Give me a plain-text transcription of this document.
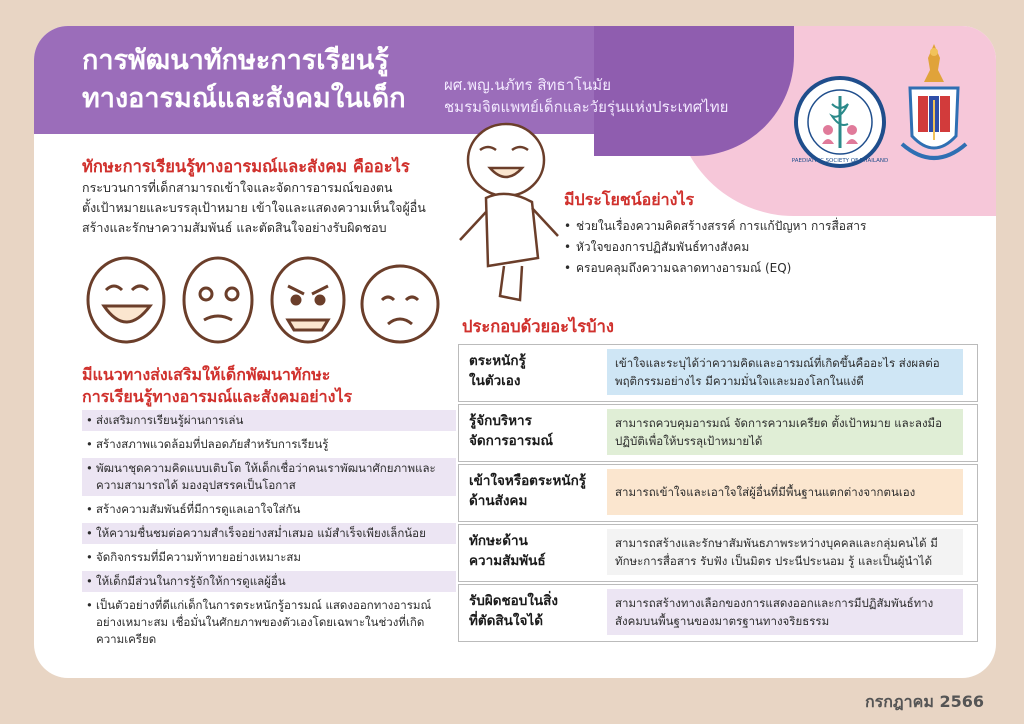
การพัฒนาทักษะการเรียนรู้
ทางอารมณ์และสังคมในเด็ก	ผศ.พญ.นภัทร สิทธาโนมัย
ชมรมจิตแพทย์เด็กและวัยรุ่นแห่งประเทศไทย
PAEDIATRIC SOCIETY OF THAILAND
ทักษะการเรียนรู้ทางอารมณ์และสังคม คืออะไร
กระบวนการที่เด็กสามารถเข้าใจและจัดการอารมณ์ของตน
ตั้งเป้าหมายและบรรลุเป้าหมาย เข้าใจและแสดงความเห็นใจผู้อื่น
สร้างและรักษาความสัมพันธ์ และตัดสินใจอย่างรับผิดชอบ
มีประโยชน์อย่างไร
• ช่วยในเรื่องความคิดสร้างสรรค์ การแก้ปัญหา การสื่อสาร
• หัวใจของการปฏิสัมพันธ์ทางสังคม
• ครอบคลุมถึงความฉลาดทางอารมณ์ (EQ)
มีแนวทางส่งเสริมให้เด็กพัฒนาทักษะ
การเรียนรู้ทางอารมณ์และสังคมอย่างไร
• ส่งเสริมการเรียนรู้ผ่านการเล่น
• สร้างสภาพแวดล้อมที่ปลอดภัยสำหรับการเรียนรู้
• พัฒนาชุดความคิดแบบเติบโต ให้เด็กเชื่อว่าคนเราพัฒนาศักยภาพและความสามารถได้ มองอุปสรรคเป็นโอกาส
• สร้างความสัมพันธ์ที่มีการดูแลเอาใจใส่กัน
• ให้ความชื่นชมต่อความสำเร็จอย่างสม่ำเสมอ แม้สำเร็จเพียงเล็กน้อย
• จัดกิจกรรมที่มีความท้าทายอย่างเหมาะสม
• ให้เด็กมีส่วนในการรู้จักให้การดูแลผู้อื่น
• เป็นตัวอย่างที่ดีแก่เด็กในการตระหนักรู้อารมณ์ แสดงออกทางอารมณ์อย่างเหมาะสม เชื่อมั่นในศักยภาพของตัวเองโดยเฉพาะในช่วงที่เกิดความเครียด
ประกอบด้วยอะไรบ้าง
ตระหนักรู้
ในตัวเอง
เข้าใจและระบุได้ว่าความคิดและอารมณ์ที่เกิดขึ้นคืออะไร ส่งผลต่อพฤติกรรมอย่างไร มีความมั่นใจและมองโลกในแง่ดี
รู้จักบริหาร
จัดการอารมณ์
สามารถควบคุมอารมณ์ จัดการความเครียด ตั้งเป้าหมาย และลงมือปฏิบัติเพื่อให้บรรลุเป้าหมายได้
เข้าใจหรือตระหนักรู้
ด้านสังคม
สามารถเข้าใจและเอาใจใส่ผู้อื่นที่มีพื้นฐานแตกต่างจากตนเอง
ทักษะด้าน
ความสัมพันธ์
สามารถสร้างและรักษาสัมพันธภาพระหว่างบุคคลและกลุ่มคนได้ มีทักษะการสื่อสาร รับฟัง เป็นมิตร ประนีประนอม รู้ และเป็นผู้นำได้
รับผิดชอบในสิ่ง
ที่ตัดสินใจได้
สามารถสร้างทางเลือกของการแสดงออกและการมีปฏิสัมพันธ์ทางสังคมบนพื้นฐานของมาตรฐานทางจริยธรรม
กรกฎาคม 2566
